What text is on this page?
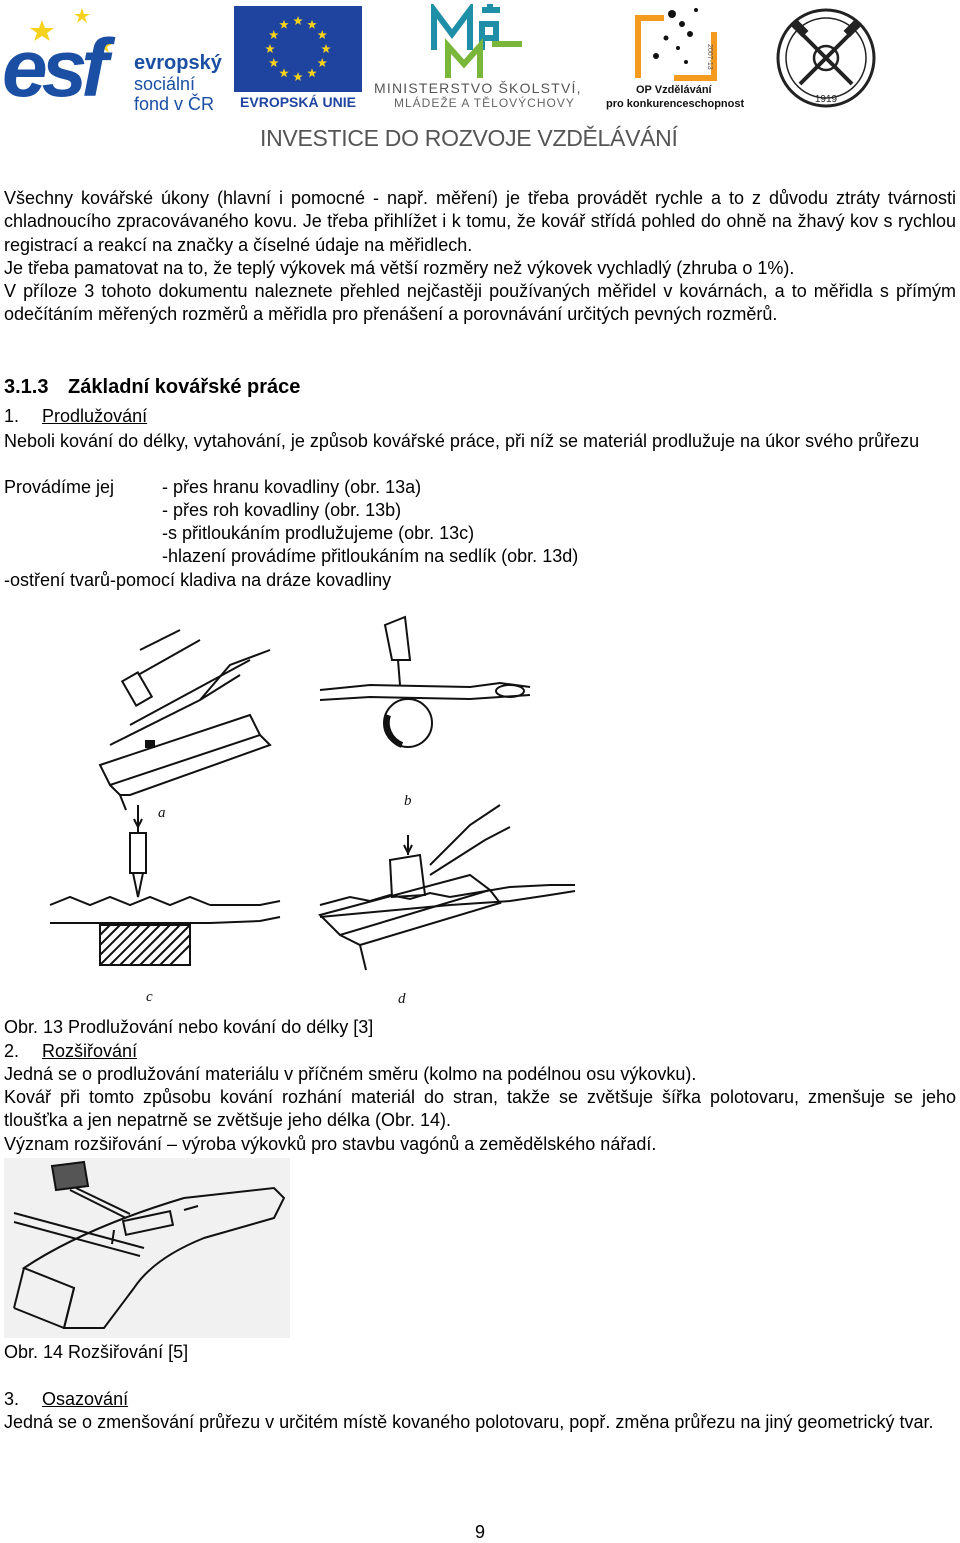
esf evropský
sociální
fond v ČR	EVROPSKÁ UNIE
MINISTERSTVO ŠKOLSTVÍ,
MLÁDEŽE A TĚLOVÝCHOVY
2007-13
OP Vzdělávání
pro konkurenceschopnost	1919
INVESTICE DO ROZVOJE VZDĚLÁVÁNÍ
Všechny kovářské úkony (hlavní i pomocné - např. měření) je třeba provádět rychle a to z důvodu ztráty tvárnosti chladnoucího zpracovávaného kovu. Je třeba přihlížet i k tomu, že kovář střídá pohled do ohně na žhavý kov s rychlou registrací a reakcí na značky a číselné údaje na měřidlech.
Je třeba pamatovat na to, že teplý výkovek má větší rozměry než výkovek vychladlý (zhruba o 1%).
V příloze 3 tohoto dokumentu naleznete přehled nejčastěji používaných měřidel v kovárnách, a to měřidla s přímým odečítáním měřených rozměrů a měřidla pro přenášení a porovnávání určitých pevných rozměrů.
3.1.3 Základní kovářské práce
1. Prodlužování
Neboli kování do délky, vytahování, je způsob kovářské práce, při níž se materiál prodlužuje na úkor svého průřezu
Provádíme jej	- přes hranu kovadliny (obr. 13a)
- přes roh kovadliny (obr. 13b)
-s přitloukáním prodlužujeme (obr. 13c)
-hlazení provádíme přitloukáním na sedlík (obr. 13d)
-ostření tvarů-pomocí kladiva na dráze kovadliny
a
b
c	d
Obr. 13 Prodlužování nebo kování do délky [3]
2. Rozšiřování
Jedná se o prodlužování materiálu v příčném směru (kolmo na podélnou osu výkovku).
Kovář při tomto způsobu kování rozhání materiál do stran, takže se zvětšuje šířka polotovaru, zmenšuje se jeho tloušťka a jen nepatrně se zvětšuje jeho délka (Obr. 14).
Význam rozšiřování – výroba výkovků pro stavbu vagónů a zemědělského nářadí.
Obr. 14 Rozšiřování [5]
3. Osazování
Jedná se o zmenšování průřezu v určitém místě kovaného polotovaru, popř. změna průřezu na jiný geometrický tvar.
9
